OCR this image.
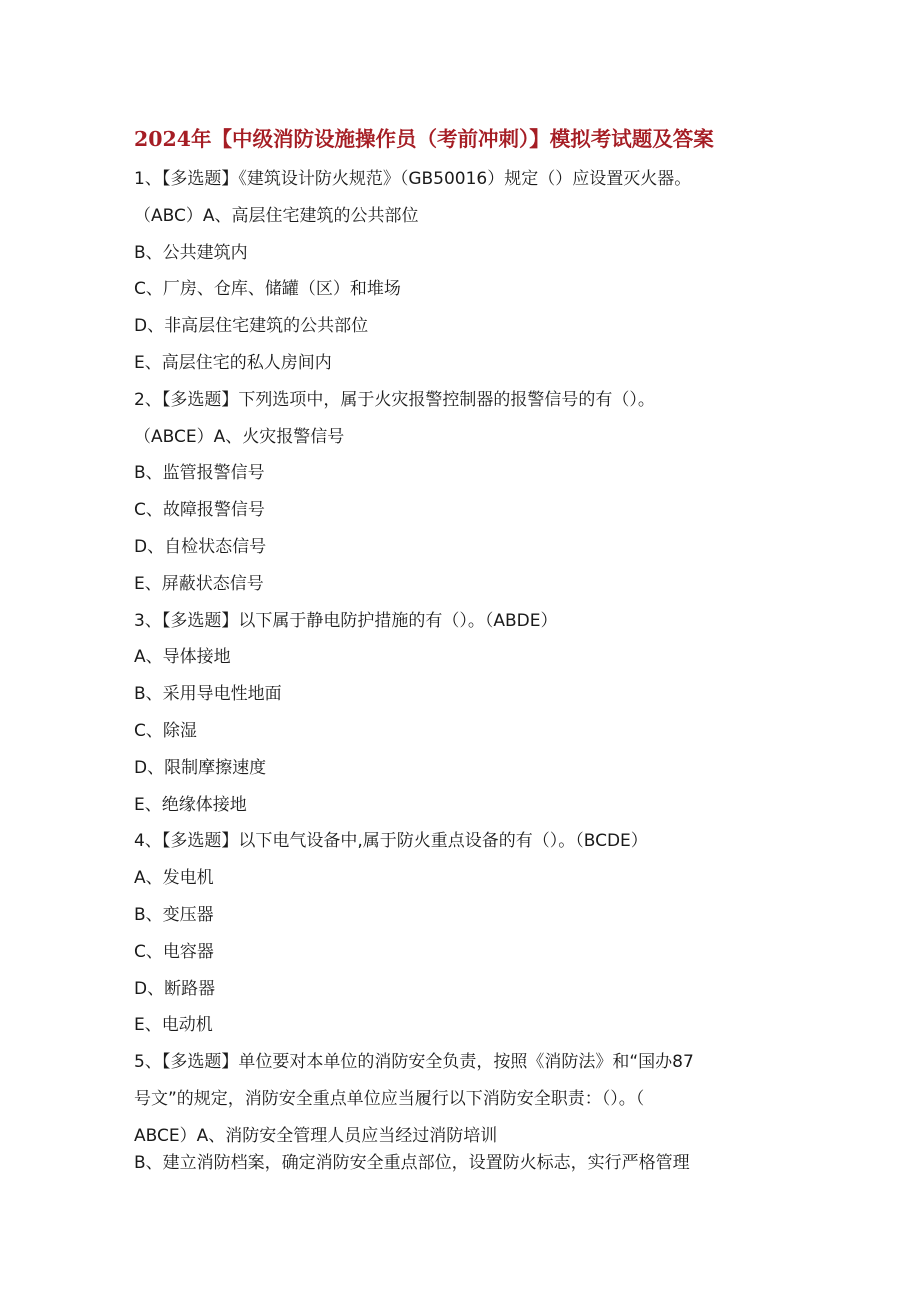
2024年【中级消防设施操作员（考前冲刺）】模拟考试题及答案
1、【多选题】《建筑设计防火规范》（GB50016）规定（）应设置灭火器。
（ABC）A、高层住宅建筑的公共部位
B、公共建筑内
C、厂房、仓库、储罐（区）和堆场
D、非高层住宅建筑的公共部位
E、高层住宅的私人房间内
2、【多选题】下列选项中，属于火灾报警控制器的报警信号的有（）。
（ABCE）A、火灾报警信号
B、监管报警信号
C、故障报警信号
D、自检状态信号
E、屏蔽状态信号
3、【多选题】以下属于静电防护措施的有（）。（ABDE）
A、导体接地
B、采用导电性地面
C、除湿
D、限制摩擦速度
E、绝缘体接地
4、【多选题】以下电气设备中,属于防火重点设备的有（）。（BCDE）
A、发电机
B、变压器
C、电容器
D、断路器
E、电动机
5、【多选题】单位要对本单位的消防安全负责，按照《消防法》和“国办87
号文”的规定，消防安全重点单位应当履行以下消防安全职责：（）。（
ABCE）A、消防安全管理人员应当经过消防培训
B、建立消防档案，确定消防安全重点部位，设置防火标志，实行严格管理
